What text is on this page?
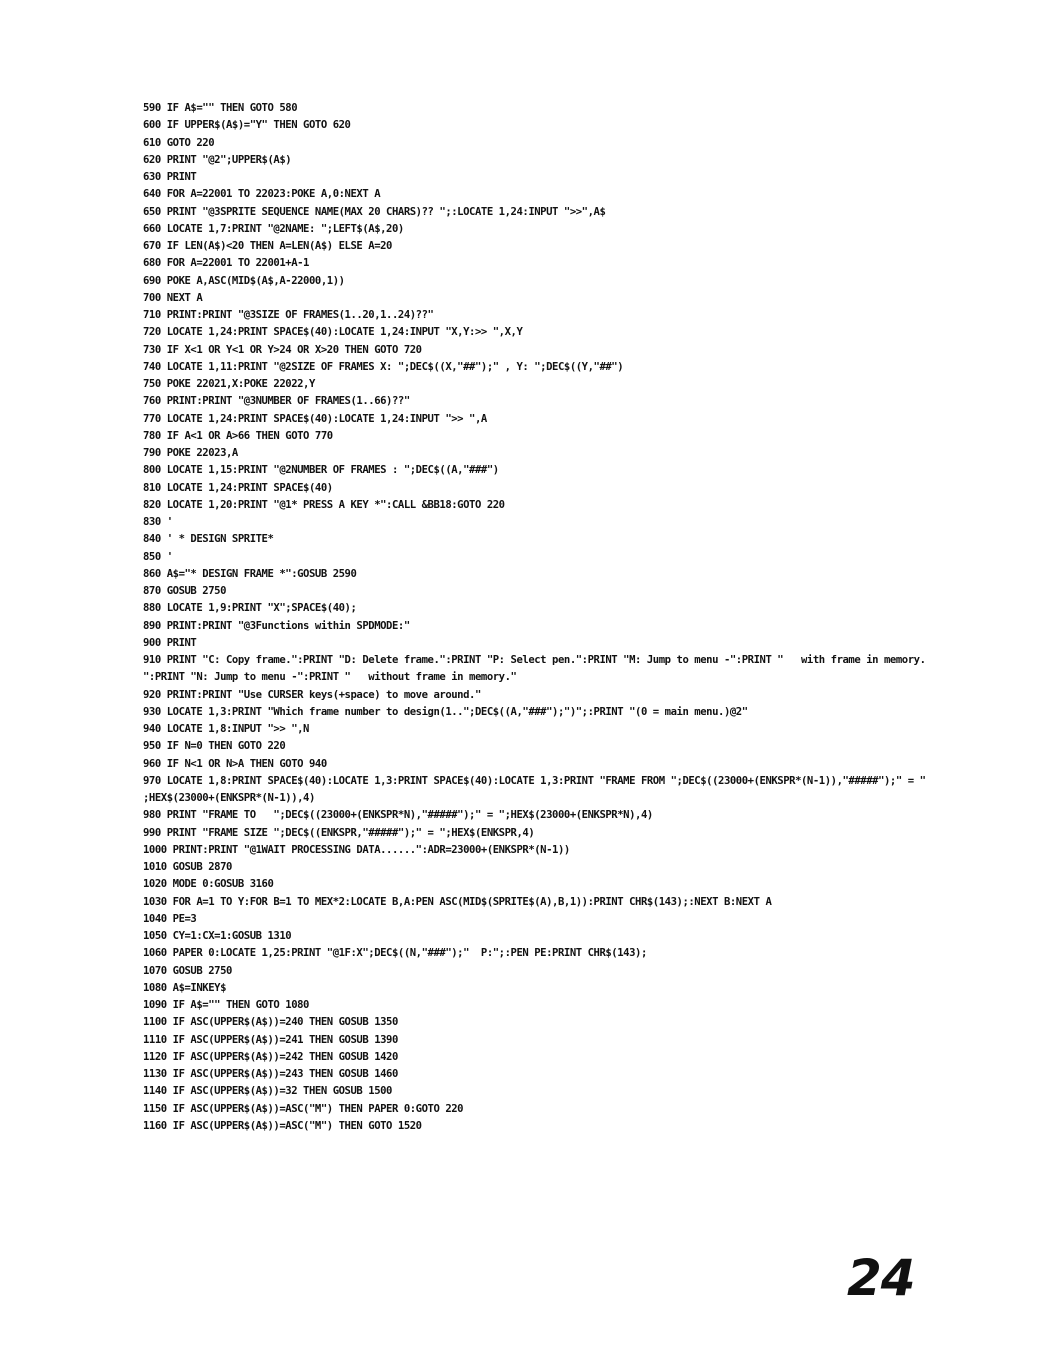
590 IF A$="" THEN GOTO 580
600 IF UPPER$(A$)="Y" THEN GOTO 620
610 GOTO 220
620 PRINT "@2";UPPER$(A$)
630 PRINT
640 FOR A=22001 TO 22023:POKE A,0:NEXT A
650 PRINT "@3SPRITE SEQUENCE NAME(MAX 20 CHARS)?? ";:LOCATE 1,24:INPUT ">>",A$
660 LOCATE 1,7:PRINT "@2NAME: ";LEFT$(A$,20)
670 IF LEN(A$)<20 THEN A=LEN(A$) ELSE A=20
680 FOR A=22001 TO 22001+A-1
690 POKE A,ASC(MID$(A$,A-22000,1))
700 NEXT A
710 PRINT:PRINT "@3SIZE OF FRAMES(1..20,1..24)??"
720 LOCATE 1,24:PRINT SPACE$(40):LOCATE 1,24:INPUT "X,Y:>> ",X,Y
730 IF X<1 OR Y<1 OR Y>24 OR X>20 THEN GOTO 720
740 LOCATE 1,11:PRINT "@2SIZE OF FRAMES X: ";DEC$((X,"##");" , Y: ";DEC$((Y,"##")
750 POKE 22021,X:POKE 22022,Y
760 PRINT:PRINT "@3NUMBER OF FRAMES(1..66)??"
770 LOCATE 1,24:PRINT SPACE$(40):LOCATE 1,24:INPUT ">> ",A
780 IF A<1 OR A>66 THEN GOTO 770
790 POKE 22023,A
800 LOCATE 1,15:PRINT "@2NUMBER OF FRAMES : ";DEC$((A,"###")
810 LOCATE 1,24:PRINT SPACE$(40)
820 LOCATE 1,20:PRINT "@1* PRESS A KEY *":CALL &BB18:GOTO 220
830 '
840 ' * DESIGN SPRITE*
850 '
860 A$="* DESIGN FRAME *":GOSUB 2590
870 GOSUB 2750
880 LOCATE 1,9:PRINT "X";SPACE$(40);
890 PRINT:PRINT "@3Functions within SPDMODE:"
900 PRINT
910 PRINT "C: Copy frame.":PRINT "D: Delete frame.":PRINT "P: Select pen.":PRINT "M: Jump to menu -":PRINT "   with frame in memory.
":PRINT "N: Jump to menu -":PRINT "   without frame in memory."
920 PRINT:PRINT "Use CURSER keys(+space) to move around."
930 LOCATE 1,3:PRINT "Which frame number to design(1..";DEC$((A,"###");")";:PRINT "(0 = main menu.)@2"
940 LOCATE 1,8:INPUT ">> ",N
950 IF N=0 THEN GOTO 220
960 IF N<1 OR N>A THEN GOTO 940
970 LOCATE 1,8:PRINT SPACE$(40):LOCATE 1,3:PRINT SPACE$(40):LOCATE 1,3:PRINT "FRAME FROM ";DEC$((23000+(ENKSPR*(N-1)),"#####");" = "
;HEX$(23000+(ENKSPR*(N-1)),4)
980 PRINT "FRAME TO   ";DEC$((23000+(ENKSPR*N),"#####");" = ";HEX$(23000+(ENKSPR*N),4)
990 PRINT "FRAME SIZE ";DEC$((ENKSPR,"#####");" = ";HEX$(ENKSPR,4)
1000 PRINT:PRINT "@1WAIT PROCESSING DATA......":ADR=23000+(ENKSPR*(N-1))
1010 GOSUB 2870
1020 MODE 0:GOSUB 3160
1030 FOR A=1 TO Y:FOR B=1 TO MEX*2:LOCATE B,A:PEN ASC(MID$(SPRITE$(A),B,1)):PRINT CHR$(143);:NEXT B:NEXT A
1040 PE=3
1050 CY=1:CX=1:GOSUB 1310
1060 PAPER 0:LOCATE 1,25:PRINT "@1F:X";DEC$((N,"###");"  P:";:PEN PE:PRINT CHR$(143);
1070 GOSUB 2750
1080 A$=INKEY$
1090 IF A$="" THEN GOTO 1080
1100 IF ASC(UPPER$(A$))=240 THEN GOSUB 1350
1110 IF ASC(UPPER$(A$))=241 THEN GOSUB 1390
1120 IF ASC(UPPER$(A$))=242 THEN GOSUB 1420
1130 IF ASC(UPPER$(A$))=243 THEN GOSUB 1460
1140 IF ASC(UPPER$(A$))=32 THEN GOSUB 1500
1150 IF ASC(UPPER$(A$))=ASC("M") THEN PAPER 0:GOTO 220
1160 IF ASC(UPPER$(A$))=ASC("M") THEN GOTO 1520
24
